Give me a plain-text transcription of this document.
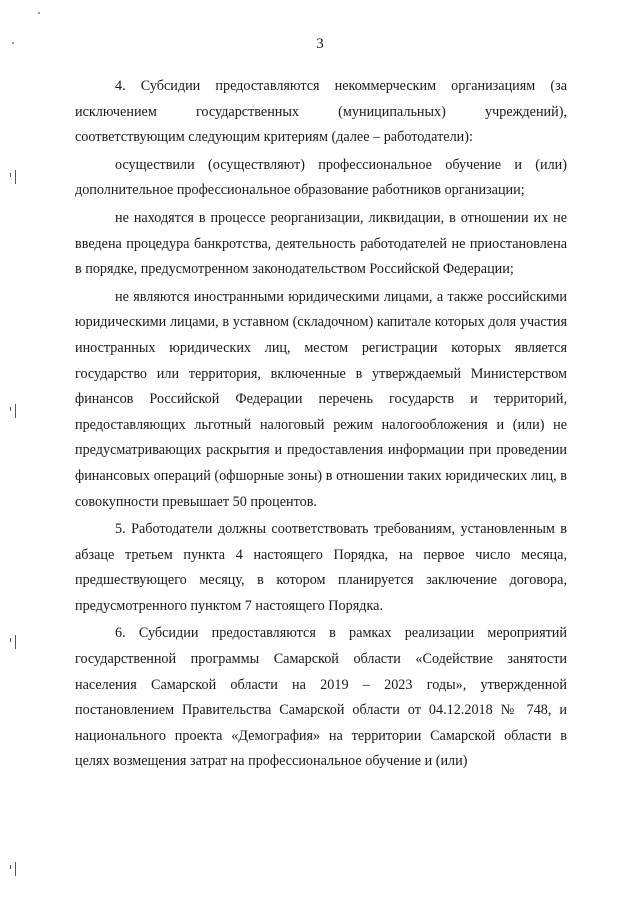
3

4. Субсидии предоставляются некоммерческим организациям (за исключением государственных (муниципальных) учреждений), соответствующим следующим критериям (далее – работодатели):

осуществили (осуществляют) профессиональное обучение и (или) дополнительное профессиональное образование работников организации;

не находятся в процессе реорганизации, ликвидации, в отношении их не введена процедура банкротства, деятельность работодателей не приостановлена в порядке, предусмотренном законодательством Российской Федерации;

не являются иностранными юридическими лицами, а также российскими юридическими лицами, в уставном (складочном) капитале которых доля участия иностранных юридических лиц, местом регистрации которых является государство или территория, включенные в утверждаемый Министерством финансов Российской Федерации перечень государств и территорий, предоставляющих льготный налоговый режим налогообложения и (или) не предусматривающих раскрытия и предоставления информации при проведении финансовых операций (офшорные зоны) в отношении таких юридических лиц, в совокупности превышает 50 процентов.

5. Работодатели должны соответствовать требованиям, установленным в абзаце третьем пункта 4 настоящего Порядка, на первое число месяца, предшествующего месяцу, в котором планируется заключение договора, предусмотренного пунктом 7 настоящего Порядка.

6. Субсидии предоставляются в рамках реализации мероприятий государственной программы Самарской области «Содействие занятости населения Самарской области на 2019 – 2023 годы», утвержденной постановлением Правительства Самарской области от 04.12.2018 № 748, и национального проекта «Демография» на территории Самарской области в целях возмещения затрат на профессиональное обучение и (или)
